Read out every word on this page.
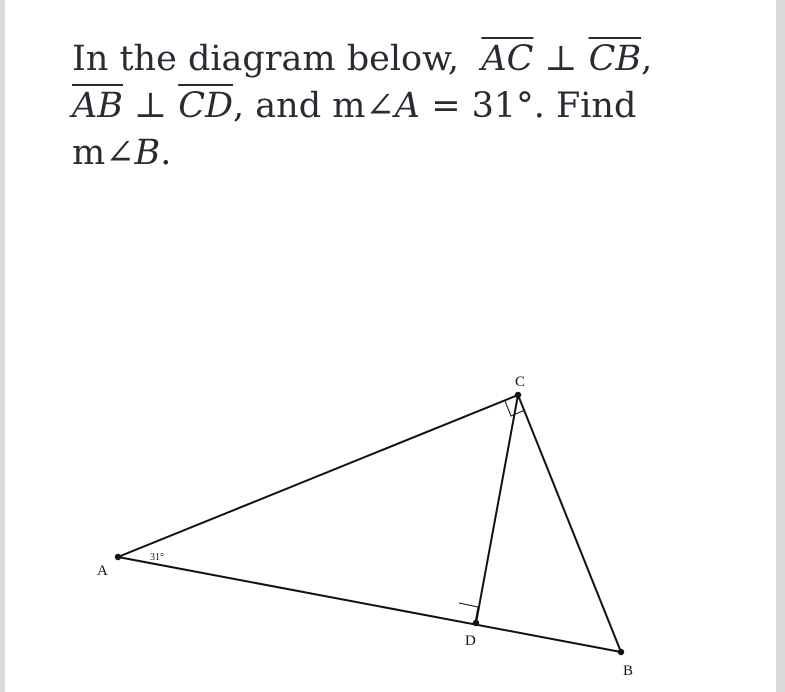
In the diagram below, $\overline{AC}$ ⊥ $\overline{CB}$,
$\overline{AB}$ ⊥ $\overline{CD}$, and m∠A = 31°. Find
m∠B.
A
C
B
D
31°
